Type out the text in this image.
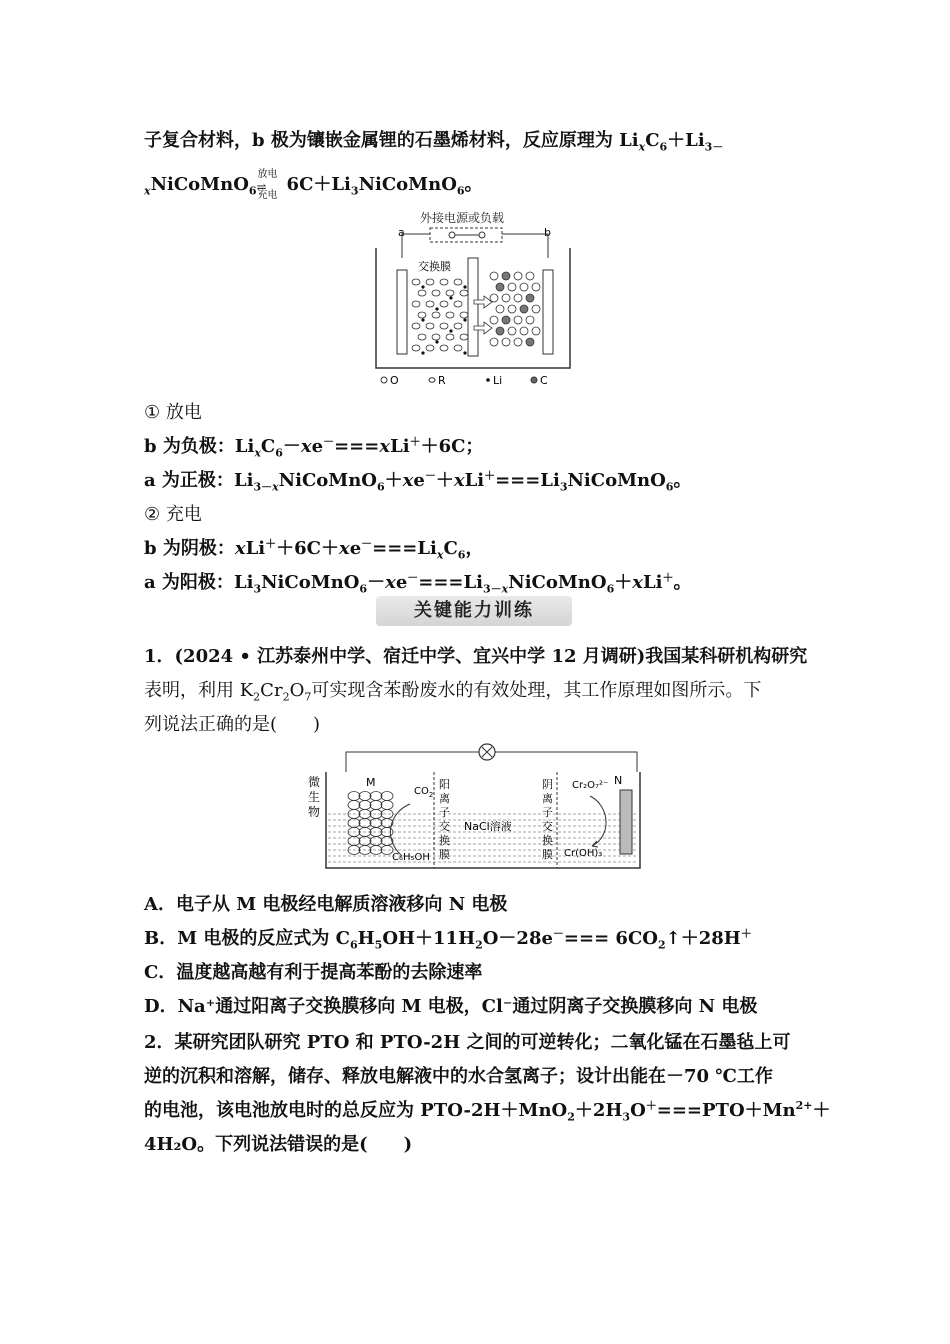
子复合材料，b 极为镶嵌金属锂的石墨烯材料，反应原理为 $Li_xC_6+Li_{3-}$
$_x$NiCoMnO$_6$
放电
⇌
充电
$6C+Li_3NiCoMnO_6$。
外接电源或负载
a	b
交换膜
O	R	Li	C
① 放电
b 为负极：$Li_xC_6-xe^-===xLi^++6C$；
a 为正极：$Li_{3-x}NiCoMnO_6+xe^-+xLi^+===Li_3NiCoMnO_6$。
② 充电
b 为阴极：$xLi^++6C+xe^-===Li_xC_6$，
a 为阳极：$Li_3NiCoMnO_6-xe^-===Li_{3-x}NiCoMnO_6+xLi^+$。
关键能力训练
1．(2024 • 江苏泰州中学、宿迁中学、宜兴中学 12 月调研)我国某科研机构研究
表明，利用 $K_2Cr_2O_7$可实现含苯酚废水的有效处理，其工作原理如图所示。下
列说法正确的是(　　)
微生物
M
$CO_2$
C₆H₅OH
阳离子交换膜
NaCl溶液
阴离子交换膜
Cr₂O₇²⁻ N
Cr(OH)₃
A．电子从 M 电极经电解质溶液移向 N 电极
B．M 电极的反应式为 $C_6H_5OH+11H_2O-28e^-===$ $6CO_2↑+28H^+$
C．温度越高越有利于提高苯酚的去除速率
D．Na⁺通过阳离子交换膜移向 M 电极，Cl⁻通过阴离子交换膜移向 N 电极
2．某研究团队研究 PTO 和 PTO-2H 之间的可逆转化；二氧化锰在石墨毡上可
逆的沉积和溶解，储存、释放电解液中的水合氢离子；设计出能在－70 ℃工作
的电池，该电池放电时的总反应为 PTO-$2H+MnO_2+2H_3O^+===PTO+Mn^{2+}+$
4H₂O。下列说法错误的是(　　)
